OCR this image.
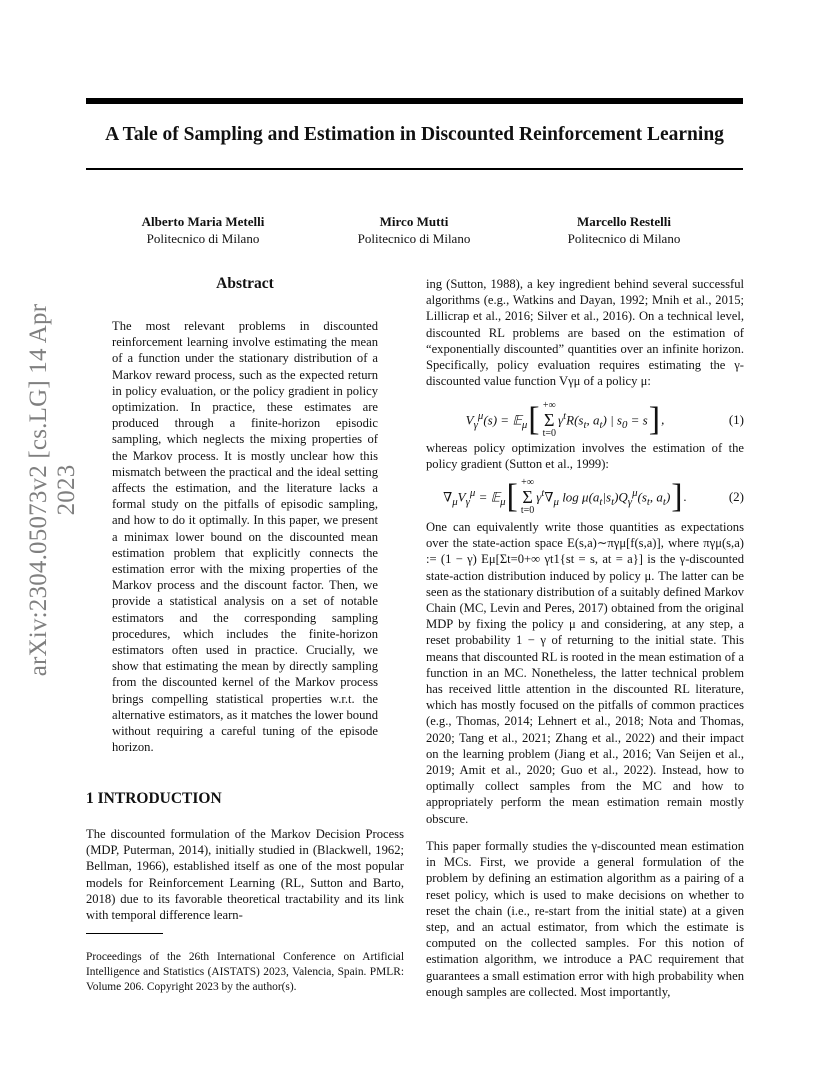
A Tale of Sampling and Estimation in Discounted Reinforcement Learning
Alberto Maria Metelli
Politecnico di Milano
Mirco Mutti
Politecnico di Milano
Marcello Restelli
Politecnico di Milano
arXiv:2304.05073v2 [cs.LG] 14 Apr 2023
Abstract
The most relevant problems in discounted reinforcement learning involve estimating the mean of a function under the stationary distribution of a Markov reward process, such as the expected return in policy evaluation, or the policy gradient in policy optimization. In practice, these estimates are produced through a finite-horizon episodic sampling, which neglects the mixing properties of the Markov process. It is mostly unclear how this mismatch between the practical and the ideal setting affects the estimation, and the literature lacks a formal study on the pitfalls of episodic sampling, and how to do it optimally. In this paper, we present a minimax lower bound on the discounted mean estimation problem that explicitly connects the estimation error with the mixing properties of the Markov process and the discount factor. Then, we provide a statistical analysis on a set of notable estimators and the corresponding sampling procedures, which includes the finite-horizon estimators often used in practice. Crucially, we show that estimating the mean by directly sampling from the discounted kernel of the Markov process brings compelling statistical properties w.r.t. the alternative estimators, as it matches the lower bound without requiring a careful tuning of the episode horizon.
1 INTRODUCTION
The discounted formulation of the Markov Decision Process (MDP, Puterman, 2014), initially studied in (Blackwell, 1962; Bellman, 1966), established itself as one of the most popular models for Reinforcement Learning (RL, Sutton and Barto, 2018) due to its favorable theoretical tractability and its link with temporal difference learn-
Proceedings of the 26th International Conference on Artificial Intelligence and Statistics (AISTATS) 2023, Valencia, Spain. PMLR: Volume 206. Copyright 2023 by the author(s).
ing (Sutton, 1988), a key ingredient behind several successful algorithms (e.g., Watkins and Dayan, 1992; Mnih et al., 2015; Lillicrap et al., 2016; Silver et al., 2016). On a technical level, discounted RL problems are based on the estimation of “exponentially discounted” quantities over an infinite horizon. Specifically, policy evaluation requires estimating the γ-discounted value function Vγμ of a policy μ:
$V_\gamma^\mu(s)$ = 𝔼$_\mu$ [ +∞
Σ
t=0
$\gamma^tR(s_t$, $a_t$) | $s_0 = s$ ] ,	(1)
whereas policy optimization involves the estimation of the policy gradient (Sutton et al., 1999):
$\nabla_\mu V_\gamma^\mu$ = 𝔼$_\mu$ [ +∞
Σ
t=0
$\gamma^t\nabla_\mu$ $\log \mu(a_t|s_t)Q_\gamma^\mu(s_t$, $a_t$) ] .	(2)
One can equivalently write those quantities as expectations over the state-action space E(s,a)∼πγμ[f(s,a)], where πγμ(s,a) := (1 − γ) Eμ[Σt=0+∞ γt1{st = s, at = a}] is the γ-discounted state-action distribution induced by policy μ. The latter can be seen as the stationary distribution of a suitably defined Markov Chain (MC, Levin and Peres, 2017) obtained from the original MDP by fixing the policy μ and considering, at any step, a reset probability 1 − γ of returning to the initial state. This means that discounted RL is rooted in the mean estimation of a function in an MC. Nonetheless, the latter technical problem has received little attention in the discounted RL literature, which has mostly focused on the pitfalls of common practices (e.g., Thomas, 2014; Lehnert et al., 2018; Nota and Thomas, 2020; Tang et al., 2021; Zhang et al., 2022) and their impact on the learning problem (Jiang et al., 2016; Van Seijen et al., 2019; Amit et al., 2020; Guo et al., 2022). Instead, how to optimally collect samples from the MC and how to appropriately perform the mean estimation remain mostly obscure.
This paper formally studies the γ-discounted mean estimation in MCs. First, we provide a general formulation of the problem by defining an estimation algorithm as a pairing of a reset policy, which is used to make decisions on whether to reset the chain (i.e., re-start from the initial state) at a given step, and an actual estimator, from which the estimate is computed on the collected samples. For this notion of estimation algorithm, we introduce a PAC requirement that guarantees a small estimation error with high probability when enough samples are collected. Most importantly,
